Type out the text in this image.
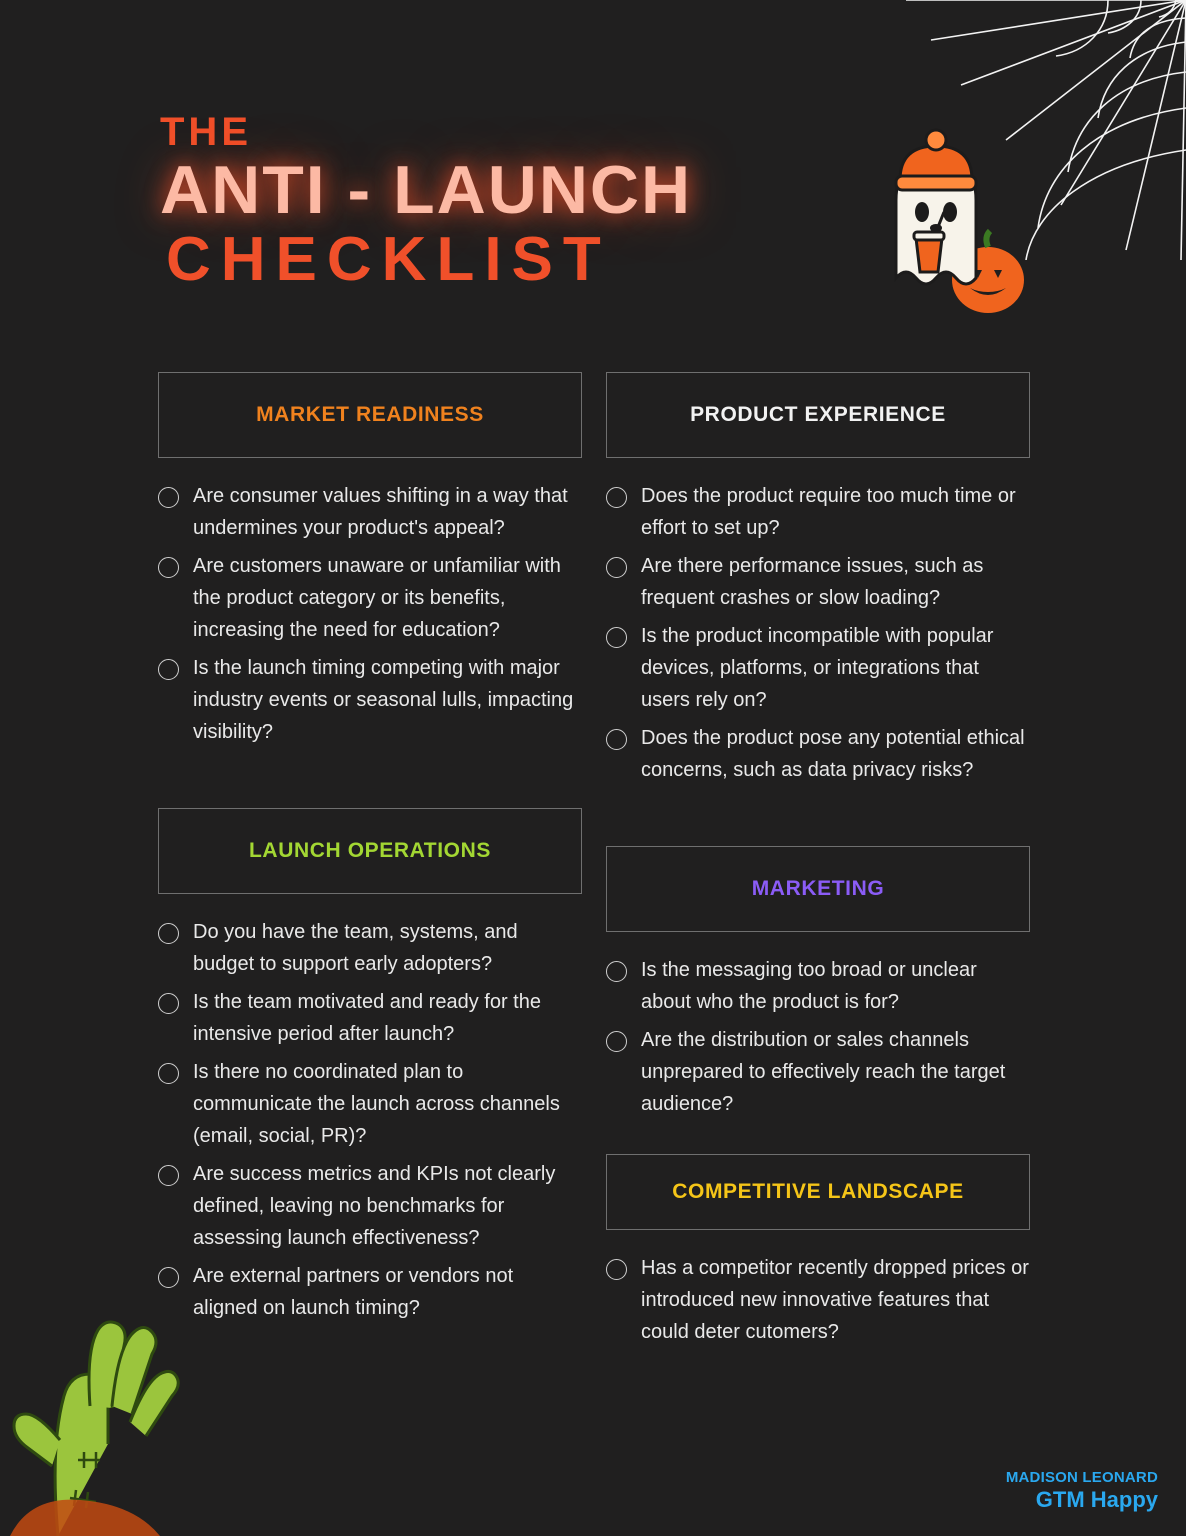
THE
ANTI - LAUNCH
CHECKLIST
MARKET READINESS

Are consumer values shifting in a way that undermines your product's appeal?

Are customers unaware or unfamiliar with the product category or its benefits, increasing the need for education?

Is the launch timing competing with major industry events or seasonal lulls, impacting visibility?

LAUNCH OPERATIONS

Do you have the team, systems, and budget to support early adopters?

Is the team motivated and ready for the intensive period after launch?

Is there no coordinated plan to communicate the launch across channels (email, social, PR)?

Are success metrics and KPIs not clearly defined, leaving no benchmarks for assessing launch effectiveness?

Are external partners or vendors not aligned on launch timing?

PRODUCT EXPERIENCE

Does the product require too much time or effort to set up?

Are there performance issues, such as frequent crashes or slow loading?

Is the product incompatible with popular devices, platforms, or integrations that users rely on?

Does the product pose any potential ethical concerns, such as data privacy risks?

MARKETING

Is the messaging too broad or unclear about who the product is for?

Are the distribution or sales channels unprepared to effectively reach the target audience?

COMPETITIVE LANDSCAPE

Has a competitor recently dropped prices or introduced new innovative features that could deter cutomers?

MADISON LEONARD
GTM Happy
